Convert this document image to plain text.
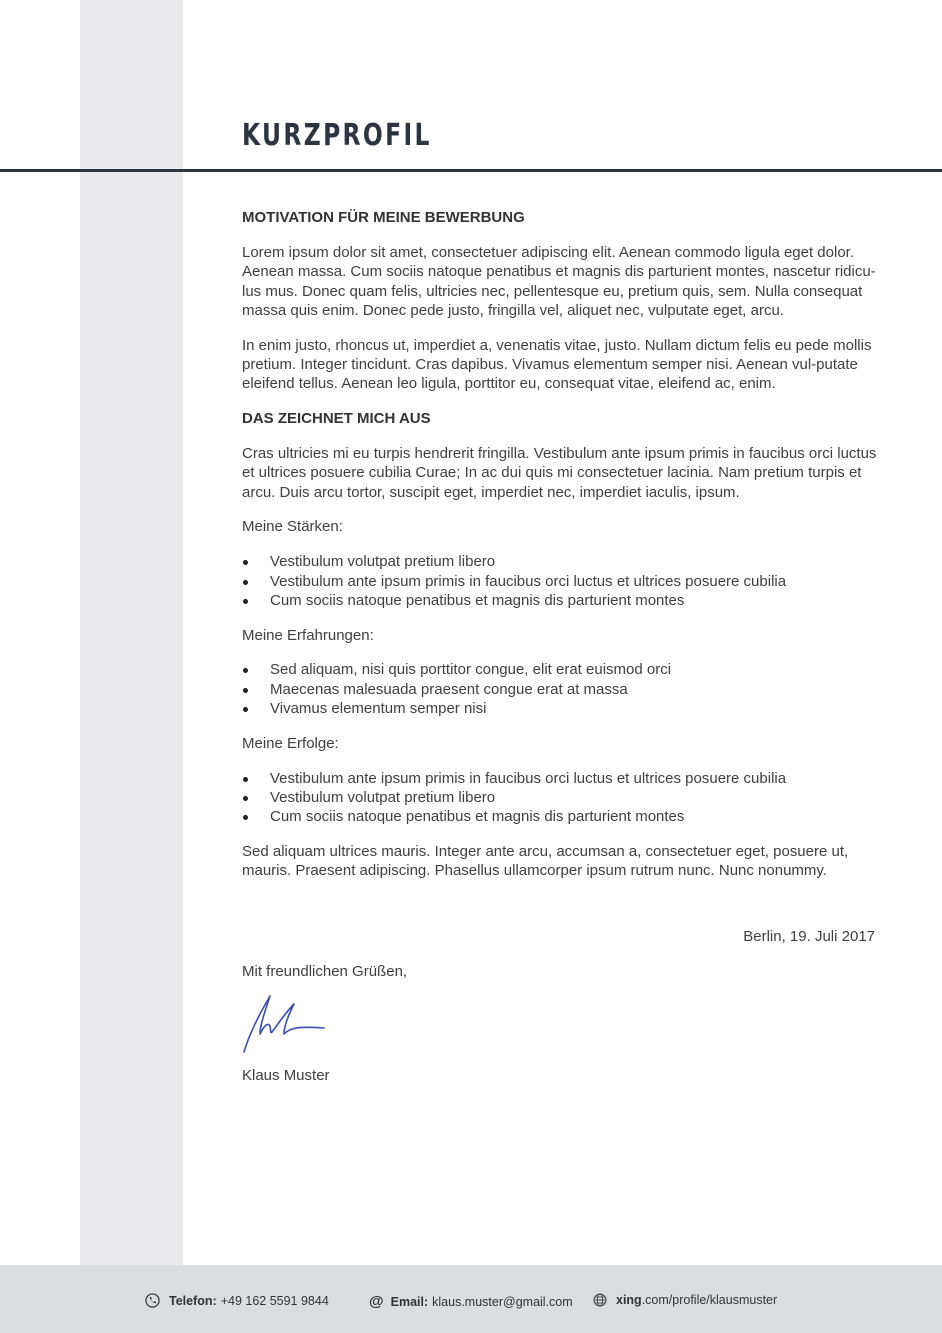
KURZPROFIL
MOTIVATION FÜR MEINE BEWERBUNG

Lorem ipsum dolor sit amet, consectetuer adipiscing elit. Aenean commodo ligula eget dolor. Aenean massa. Cum sociis natoque penatibus et magnis dis parturient montes, nascetur ridicu-lus mus. Donec quam felis, ultricies nec, pellentesque eu, pretium quis, sem. Nulla consequat massa quis enim. Donec pede justo, fringilla vel, aliquet nec, vulputate eget, arcu.

In enim justo, rhoncus ut, imperdiet a, venenatis vitae, justo. Nullam dictum felis eu pede mollis pretium. Integer tincidunt. Cras dapibus. Vivamus elementum semper nisi. Aenean vul-putate eleifend tellus. Aenean leo ligula, porttitor eu, consequat vitae, eleifend ac, enim.

DAS ZEICHNET MICH AUS

Cras ultricies mi eu turpis hendrerit fringilla. Vestibulum ante ipsum primis in faucibus orci luctus et ultrices posuere cubilia Curae; In ac dui quis mi consectetuer lacinia. Nam pretium turpis et arcu. Duis arcu tortor, suscipit eget, imperdiet nec, imperdiet iaculis, ipsum.

Meine Stärken:

Vestibulum volutpat pretium libero
Vestibulum ante ipsum primis in faucibus orci luctus et ultrices posuere cubilia
Cum sociis natoque penatibus et magnis dis parturient montes

Meine Erfahrungen:

Sed aliquam, nisi quis porttitor congue, elit erat euismod orci
Maecenas malesuada praesent congue erat at massa
Vivamus elementum semper nisi

Meine Erfolge:

Vestibulum ante ipsum primis in faucibus orci luctus et ultrices posuere cubilia
Vestibulum volutpat pretium libero
Cum sociis natoque penatibus et magnis dis parturient montes

Sed aliquam ultrices mauris. Integer ante arcu, accumsan a, consectetuer eget, posuere ut, mauris. Praesent adipiscing. Phasellus ullamcorper ipsum rutrum nunc. Nunc nonummy.

Berlin, 19. Juli 2017
Mit freundlichen Grüßen,
Klaus Muster
Telefon: +49 162 5591 9844	@ Email: klaus.muster@gmail.com	xing .com/profile/klausmuster
